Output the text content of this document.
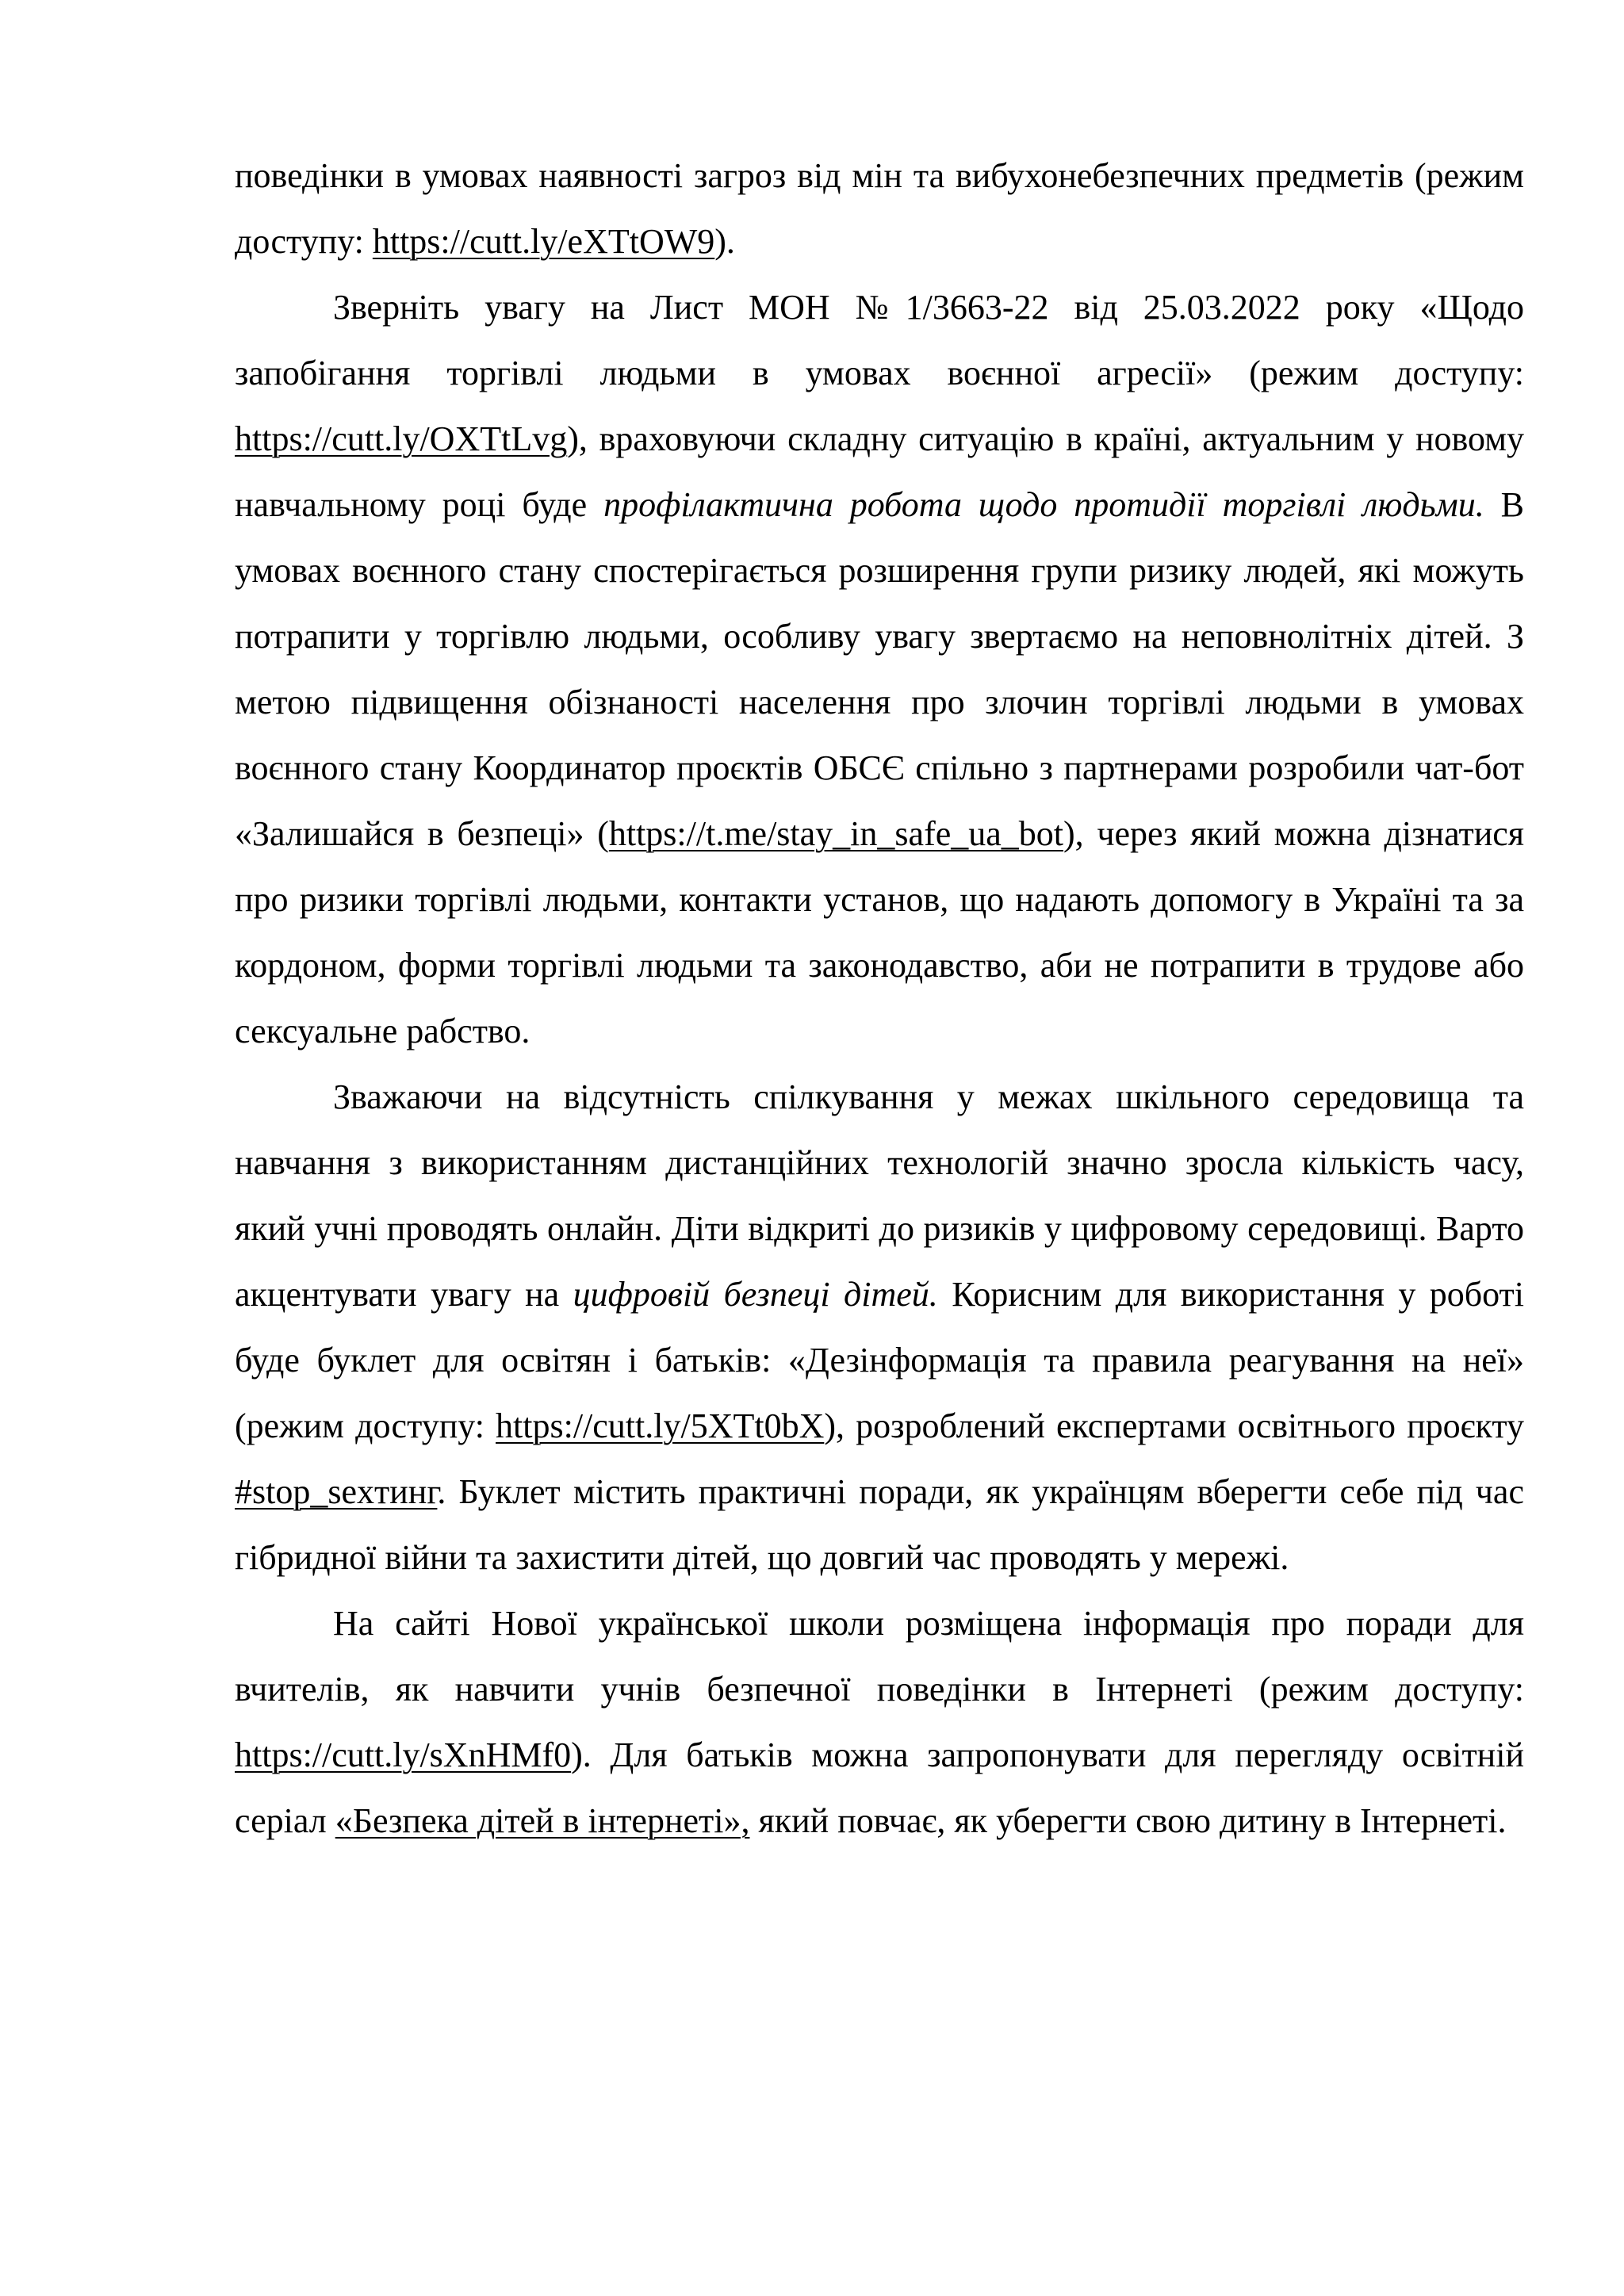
поведінки в умовах наявності загроз від мін та вибухонебезпечних предметів (режим доступу: https://cutt.ly/eXTtOW9).

Зверніть увагу на Лист МОН №1/3663-22 від 25.03.2022 року «Щодо запобігання торгівлі людьми в умовах воєнної агресії» (режим доступу: https://cutt.ly/OXTtLvg), враховуючи складну ситуацію в країні, актуальним у новому навчальному році буде профілактична робота щодо протидії торгівлі людьми. В умовах воєнного стану спостерігається розширення групи ризику людей, які можуть потрапити у торгівлю людьми, особливу увагу звертаємо на неповнолітніх дітей. З метою підвищення обізнаності населення про злочин торгівлі людьми в умовах воєнного стану Координатор проєктів ОБСЄ спільно з партнерами розробили чат-бот «Залишайся в безпеці» (https://t.me/stay_in_safe_ua_bot), через який можна дізнатися про ризики торгівлі людьми, контакти установ, що надають допомогу в Україні та за кордоном, форми торгівлі людьми та законодавство, аби не потрапити в трудове або сексуальне рабство.

Зважаючи на відсутність спілкування у межах шкільного середовища та навчання з використанням дистанційних технологій значно зросла кількість часу, який учні проводять онлайн. Діти відкриті до ризиків у цифровому середовищі. Варто акцентувати увагу на цифровій безпеці дітей. Корисним для використання у роботі буде буклет для освітян і батьків: «Дезінформація та правила реагування на неї» (режим доступу: https://cutt.ly/5XTt0bX), розроблений експертами освітнього проєкту #stop_sexтинг. Буклет містить практичні поради, як українцям вберегти себе під час гібридної війни та захистити дітей, що довгий час проводять у мережі.

На сайті Нової української школи розміщена інформація про поради для вчителів, як навчити учнів безпечної поведінки в Інтернеті (режим доступу: https://cutt.ly/sXnHMf0). Для батьків можна запропонувати для перегляду освітній серіал «Безпека дітей в інтернеті», який повчає, як уберегти свою дитину в Інтернеті.
